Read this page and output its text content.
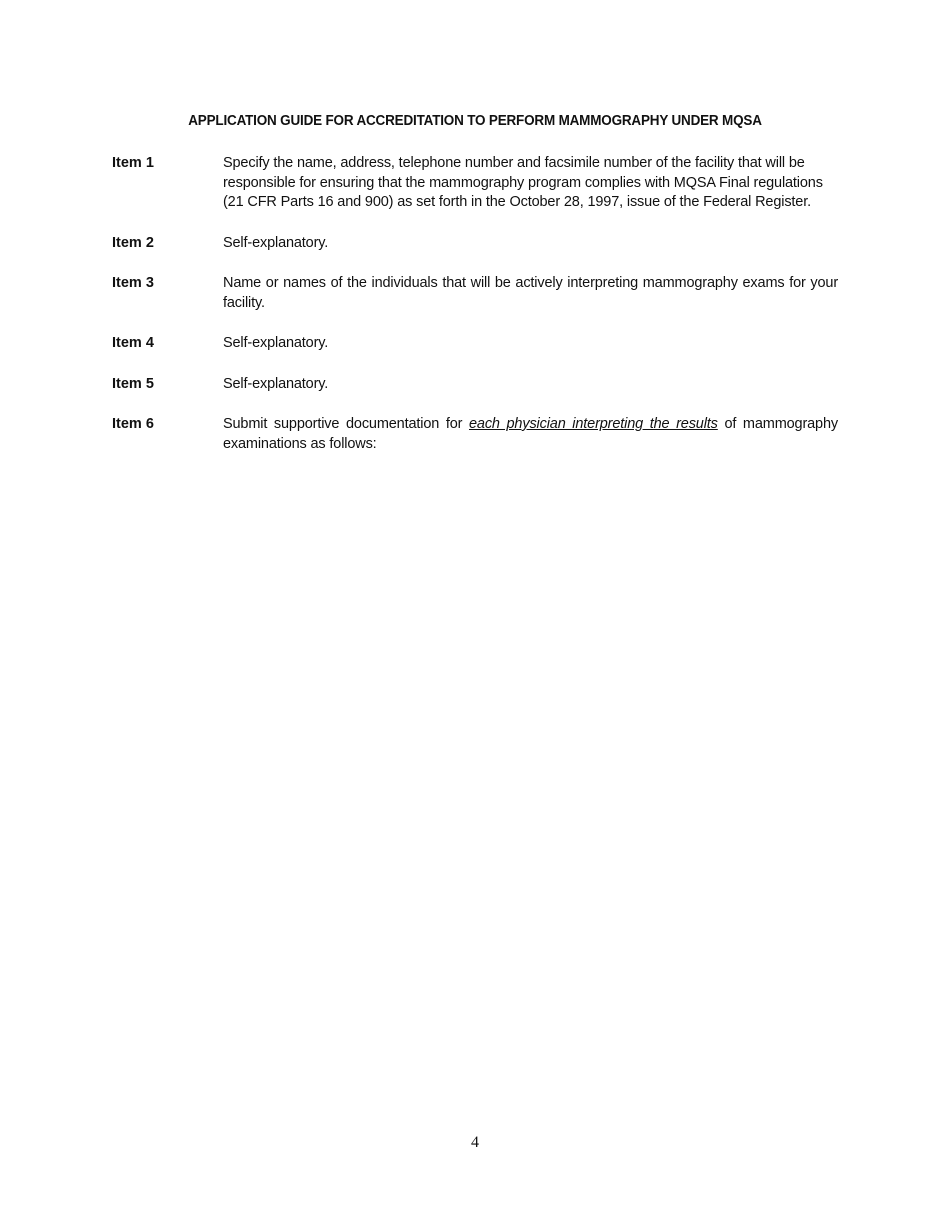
APPLICATION GUIDE FOR ACCREDITATION TO PERFORM MAMMOGRAPHY UNDER MQSA
Item 1	Specify the name, address, telephone number and facsimile number of the facility that will be responsible for ensuring that the mammography program complies with MQSA Final regulations (21 CFR Parts 16 and 900) as set forth in the October 28, 1997, issue of the Federal Register.
Item 2	Self-explanatory.
Item 3	Name or names of the individuals that will be actively interpreting mammography exams for your facility.
Item 4	Self-explanatory.
Item 5	Self-explanatory.
Item 6	Submit supportive documentation for each physician interpreting the results of mammography examinations as follows:
4
